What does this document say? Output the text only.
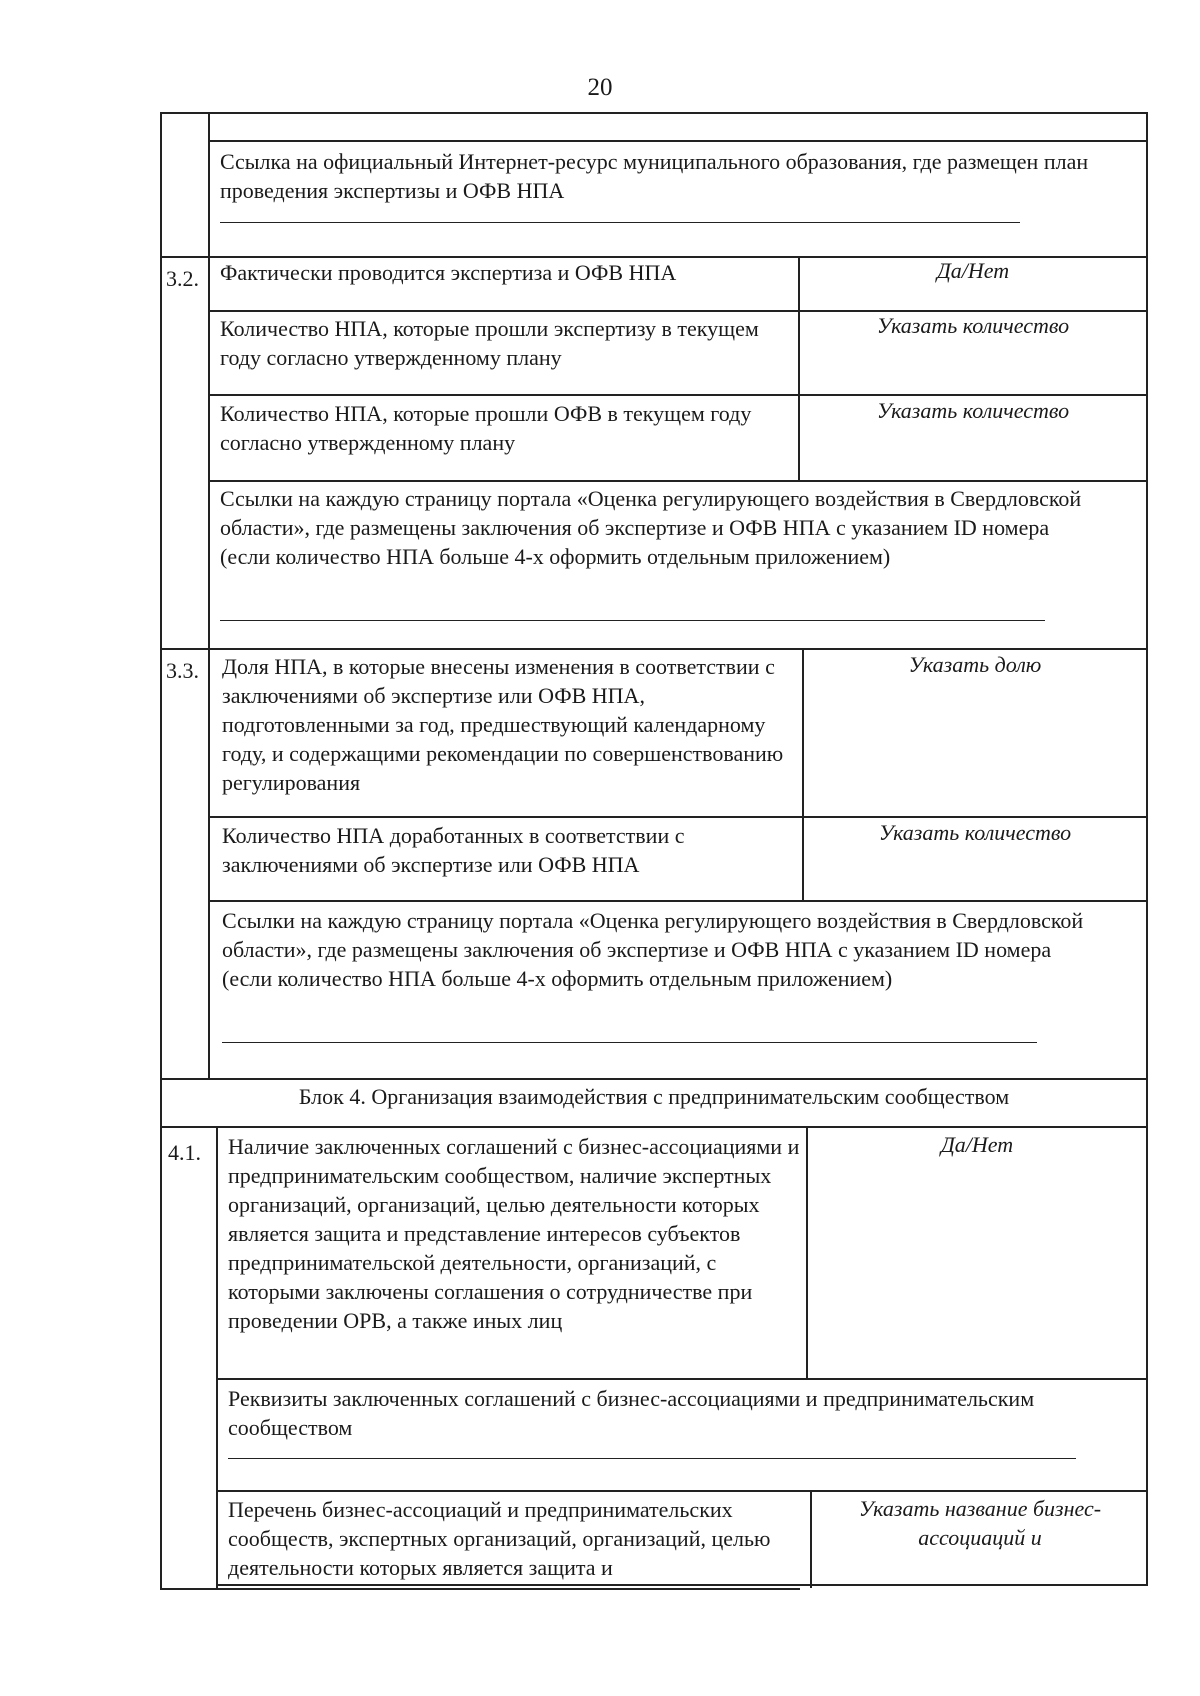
20
Ссылка на официальный Интернет-ресурс муниципального образования, где размещен план проведения экспертизы и ОФВ НПА
3.2. Фактически проводится экспертиза и ОФВ НПА	Да/Нет
Количество НПА, которые прошли экспертизу в текущем году согласно утвержденному плану
Указать количество
Количество НПА, которые прошли ОФВ в текущем году согласно утвержденному плану
Указать количество
Ссылки на каждую страницу портала «Оценка регулирующего воздействия в Свердловской области», где размещены заключения об экспертизе и ОФВ НПА с указанием ID номера (если количество НПА больше 4-х оформить отдельным приложением)
3.3. Доля НПА, в которые внесены изменения в соответствии с заключениями об экспертизе или ОФВ НПА, подготовленными за год, предшествующий календарному году, и содержащими рекомендации по совершенствованию регулирования
Указать долю
Количество НПА доработанных в соответствии с заключениями об экспертизе или ОФВ НПА
Указать количество
Ссылки на каждую страницу портала «Оценка регулирующего воздействия в Свердловской области», где размещены заключения об экспертизе и ОФВ НПА с указанием ID номера (если количество НПА больше 4-х оформить отдельным приложением)
Блок 4. Организация взаимодействия с предпринимательским сообществом
4.1. Наличие заключенных соглашений с бизнес-ассоциациями и предпринимательским сообществом, наличие экспертных организаций, организаций, целью деятельности которых является защита и представление интересов субъектов предпринимательской деятельности, организаций, с которыми заключены соглашения о сотрудничестве при проведении ОРВ, а также иных лиц
Да/Нет
Реквизиты заключенных соглашений с бизнес-ассоциациями и предпринимательским сообществом
Перечень бизнес-ассоциаций и предпринимательских сообществ, экспертных организаций, организаций, целью деятельности которых является защита и
Указать название бизнес-ассоциаций и
